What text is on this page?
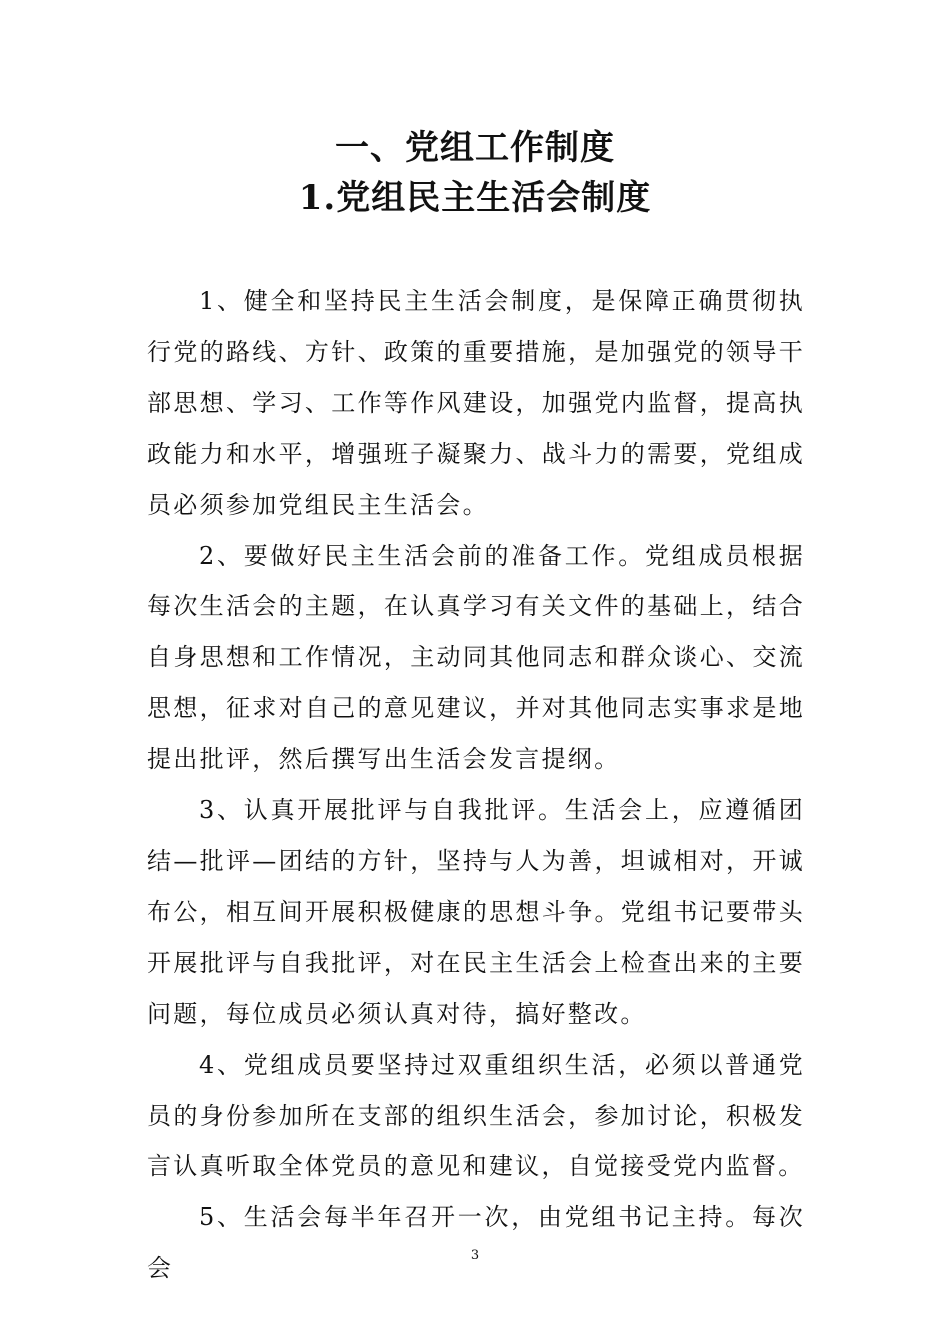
一、党组工作制度
1.党组民主生活会制度

1、健全和坚持民主生活会制度，是保障正确贯彻执行党的路线、方针、政策的重要措施，是加强党的领导干部思想、学习、工作等作风建设，加强党内监督，提高执政能力和水平，增强班子凝聚力、战斗力的需要，党组成员必须参加党组民主生活会。

2、要做好民主生活会前的准备工作。党组成员根据每次生活会的主题，在认真学习有关文件的基础上，结合自身思想和工作情况，主动同其他同志和群众谈心、交流思想，征求对自己的意见建议，并对其他同志实事求是地提出批评，然后撰写出生活会发言提纲。

3、认真开展批评与自我批评。生活会上，应遵循团结—批评—团结的方针，坚持与人为善，坦诚相对，开诚布公，相互间开展积极健康的思想斗争。党组书记要带头开展批评与自我批评，对在民主生活会上检查出来的主要问题，每位成员必须认真对待，搞好整改。

4、党组成员要坚持过双重组织生活，必须以普通党员的身份参加所在支部的组织生活会，参加讨论，积极发言认真听取全体党员的意见和建议，自觉接受党内监督。

5、生活会每半年召开一次，由党组书记主持。每次会	3
